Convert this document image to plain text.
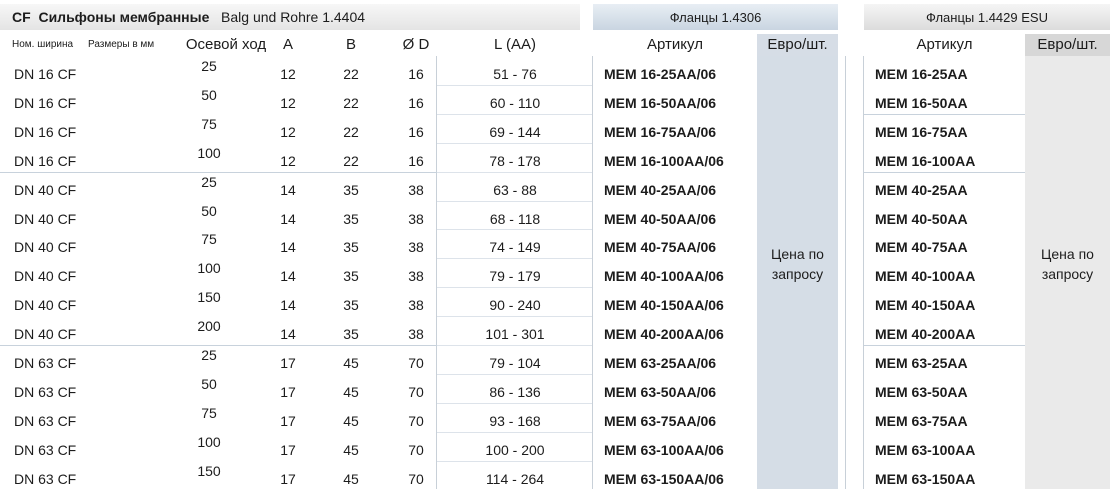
CF Сильфоны мембранные Balg und Rohre 1.4404	Фланцы 1.4306	Фланцы 1.4429 ESU
Ном. ширина	Размеры в мм	Осевой ход	A	B	Ø D	L (AA)	Артикул	Евро/шт.	Артикул	Евро/шт.
DN 16 CF	25	12	22	16	51 - 76	MEM 16-25AA/06	MEM 16-25AA
DN 16 CF	50	12	22	16	60 - 110	MEM 16-50AA/06	MEM 16-50AA
DN 16 CF	75	12	22	16	69 - 144	MEM 16-75AA/06	MEM 16-75AA
DN 16 CF	100	12	22	16	78 - 178	MEM 16-100AA/06	MEM 16-100AA
DN 40 CF	25	14	35	38	63 - 88	MEM 40-25AA/06	MEM 40-25AA
DN 40 CF	50	14	35	38	68 - 118	MEM 40-50AA/06	MEM 40-50AA
DN 40 CF	75	14	35	38	74 - 149	MEM 40-75AA/06	MEM 40-75AA
DN 40 CF	100	14	35	38	79 - 179	MEM 40-100AA/06	MEM 40-100AA
DN 40 CF	150	14	35	38	90 - 240	MEM 40-150AA/06	MEM 40-150AA
DN 40 CF	200	14	35	38	101 - 301	MEM 40-200AA/06	MEM 40-200AA
DN 63 CF	25	17	45	70	79 - 104	MEM 63-25AA/06	MEM 63-25AA
DN 63 CF	50	17	45	70	86 - 136	MEM 63-50AA/06	MEM 63-50AA
DN 63 CF	75	17	45	70	93 - 168	MEM 63-75AA/06	MEM 63-75AA
DN 63 CF	100	17	45	70	100 - 200	MEM 63-100AA/06	MEM 63-100AA
DN 63 CF	150	17	45	70	114 - 264	MEM 63-150AA/06	MEM 63-150AA
Цена по
запросу
Цена по
запросу
